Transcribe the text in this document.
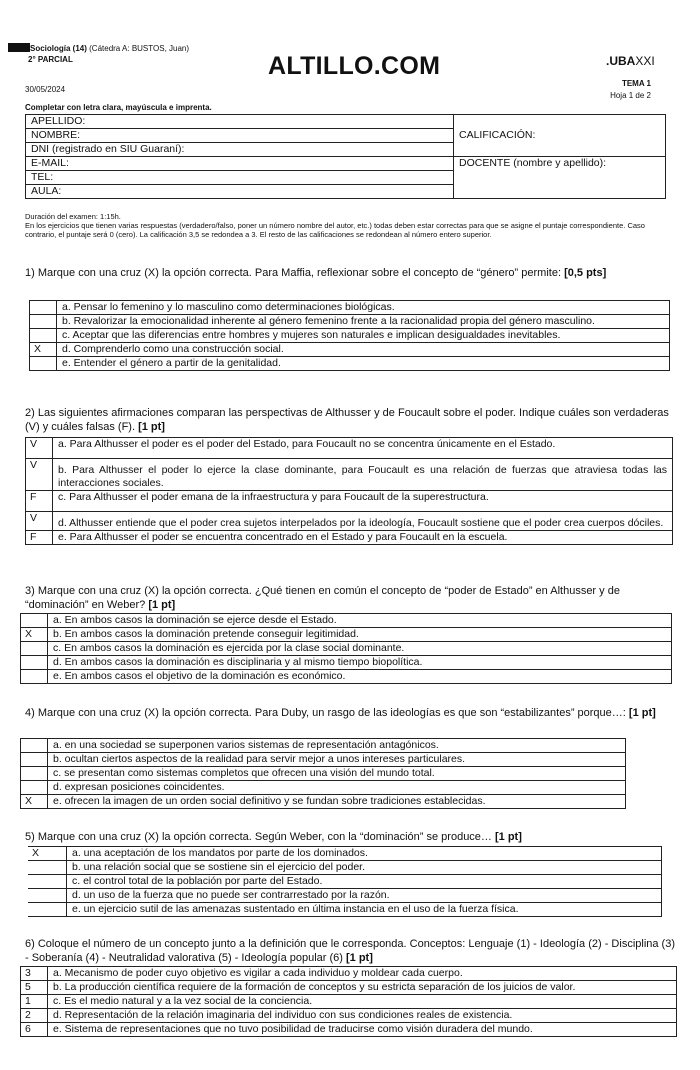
Sociología (14) (Cátedra A: BUSTOS, Juan)
2° PARCIAL	ALTILLO.COM	.UBAXXI
30/05/2024
TEMA 1
Hoja 1 de 2
Completar con letra clara, mayúscula e imprenta.
APELLIDO:	CALIFICACIÓN:
NOMBRE:	
DNI (registrado en SIU Guaraní):	
E-MAIL:	DOCENTE (nombre y apellido):
TEL:	
AULA:	
Duración del examen: 1:15h.
En los ejercicios que tienen varias respuestas (verdadero/falso, poner un número nombre del autor, etc.) todas deben estar correctas para que se asigne el puntaje correspondiente. Caso contrario, el puntaje será 0 (cero). La calificación 3,5 se redondea a 3. El resto de las calificaciones se redondean al número entero superior.
1) Marque con una cruz (X) la opción correcta. Para Maffia, reflexionar sobre el concepto de “género” permite: [0,5 pts]
	a. Pensar lo femenino y lo masculino como determinaciones biológicas.
	b. Revalorizar la emocionalidad inherente al género femenino frente a la racionalidad propia del género masculino.
	c. Aceptar que las diferencias entre hombres y mujeres son naturales e implican desigualdades inevitables.
X	d. Comprenderlo como una construcción social.
	e. Entender el género a partir de la genitalidad.
2) Las siguientes afirmaciones comparan las perspectivas de Althusser y de Foucault sobre el poder. Indique cuáles son verdaderas (V) y cuáles falsas (F). [1 pt]
V	a. Para Althusser el poder es el poder del Estado, para Foucault no se concentra únicamente en el Estado.
V	b. Para Althusser el poder lo ejerce la clase dominante, para Foucault es una relación de fuerzas que atraviesa todas las interacciones sociales.
F	c. Para Althusser el poder emana de la infraestructura y para Foucault de la superestructura.
V	d. Althusser entiende que el poder crea sujetos interpelados por la ideología, Foucault sostiene que el poder crea cuerpos dóciles.
F	e. Para Althusser el poder se encuentra concentrado en el Estado y para Foucault en la escuela.
3) Marque con una cruz (X) la opción correcta. ¿Qué tienen en común el concepto de “poder de Estado” en Althusser y de “dominación” en Weber? [1 pt]
	a. En ambos casos la dominación se ejerce desde el Estado.
X	b. En ambos casos la dominación pretende conseguir legitimidad.
	c. En ambos casos la dominación es ejercida por la clase social dominante.
	d. En ambos casos la dominación es disciplinaria y al mismo tiempo biopolítica.
	e. En ambos casos el objetivo de la dominación es económico.
4) Marque con una cruz (X) la opción correcta. Para Duby, un rasgo de las ideologías es que son “estabilizantes” porque…: [1 pt]
	a. en una sociedad se superponen varios sistemas de representación antagónicos.
	b. ocultan ciertos aspectos de la realidad para servir mejor a unos intereses particulares.
	c. se presentan como sistemas completos que ofrecen una visión del mundo total.
	d. expresan posiciones coincidentes.
X	e. ofrecen la imagen de un orden social definitivo y se fundan sobre tradiciones establecidas.
5) Marque con una cruz (X) la opción correcta. Según Weber, con la “dominación” se produce… [1 pt]
X	a. una aceptación de los mandatos por parte de los dominados.
	b. una relación social que se sostiene sin el ejercicio del poder.
	c. el control total de la población por parte del Estado.
	d. un uso de la fuerza que no puede ser contrarrestado por la razón.
	e. un ejercicio sutil de las amenazas sustentado en última instancia en el uso de la fuerza física.
6) Coloque el número de un concepto junto a la definición que le corresponda. Conceptos: Lenguaje (1) - Ideología (2) - Disciplina (3) - Soberanía (4) - Neutralidad valorativa (5) - Ideología popular (6) [1 pt]
3	a. Mecanismo de poder cuyo objetivo es vigilar a cada individuo y moldear cada cuerpo.
5	b. La producción científica requiere de la formación de conceptos y su estricta separación de los juicios de valor.
1	c. Es el medio natural y a la vez social de la conciencia.
2	d. Representación de la relación imaginaria del individuo con sus condiciones reales de existencia.
6	e. Sistema de representaciones que no tuvo posibilidad de traducirse como visión duradera del mundo.
